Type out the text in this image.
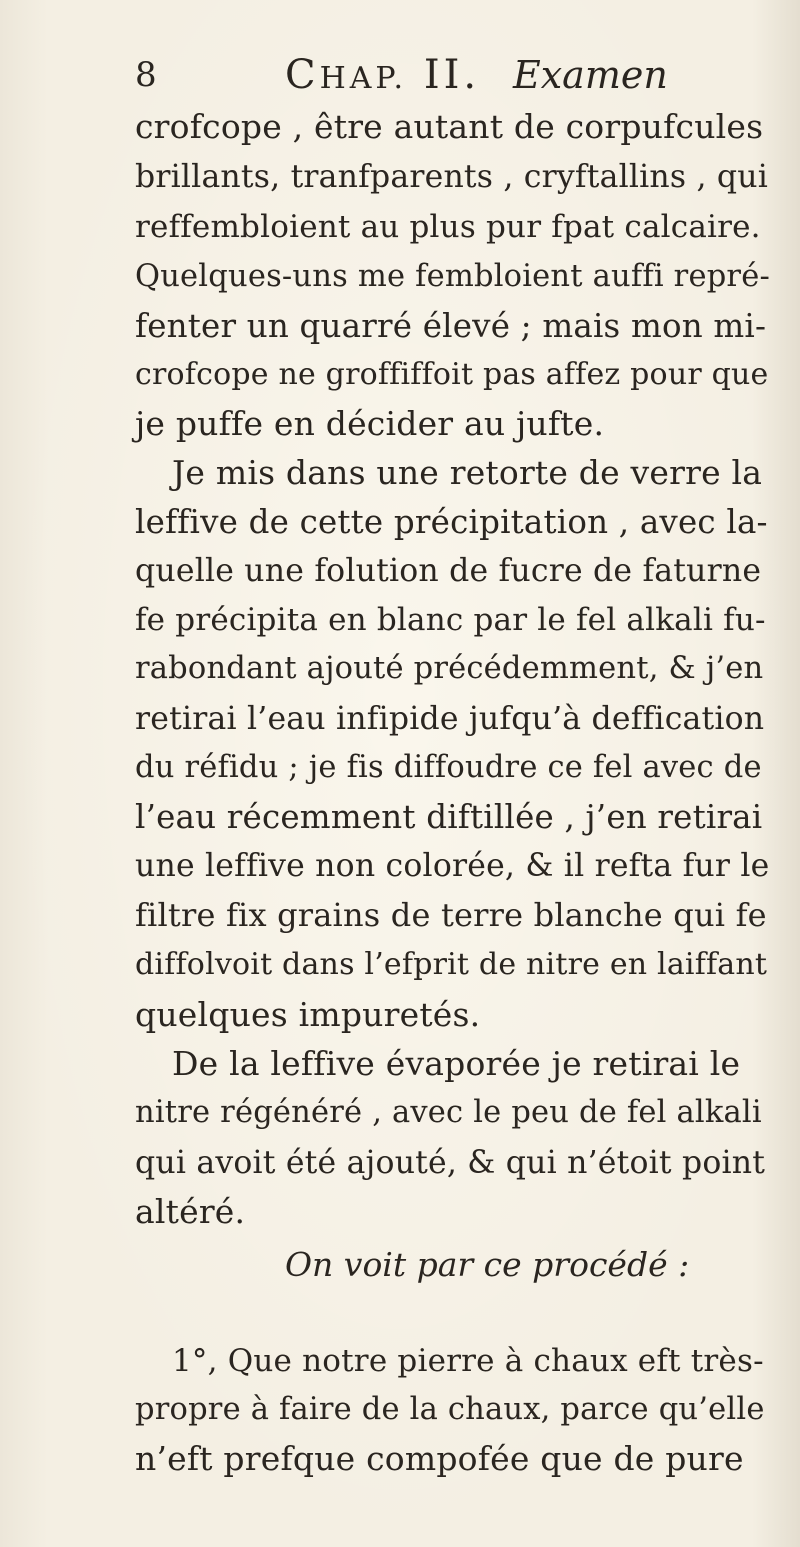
8	CHAP. II. Examen
crofcope , être autant de corpufcules
brillants, tranfparents , cryftallins , qui
reffembloient au plus pur fpat calcaire.
Quelques-uns me fembloient auffi repré-
fenter un quarré élevé ; mais mon mi-
crofcope ne groffiffoit pas affez pour que
je puffe en décider au jufte.
Je mis dans une retorte de verre la
leffive de cette précipitation , avec la-
quelle une folution de fucre de faturne
fe précipita en blanc par le fel alkali fu-
rabondant ajouté précédemment, & j’en
retirai l’eau infipide jufqu’à deffication
du réfidu ; je fis diffoudre ce fel avec de
l’eau récemment diftillée , j’en retirai
une leffive non colorée, & il refta fur le
filtre fix grains de terre blanche qui fe
diffolvoit dans l’efprit de nitre en laiffant
quelques impuretés.
De la leffive évaporée je retirai le
nitre régénéré , avec le peu de fel alkali
qui avoit été ajouté, & qui n’étoit point
altéré.
On voit par ce procédé :
1°, Que notre pierre à chaux eft très-
propre à faire de la chaux, parce qu’elle
n’eft prefque compofée que de pure
